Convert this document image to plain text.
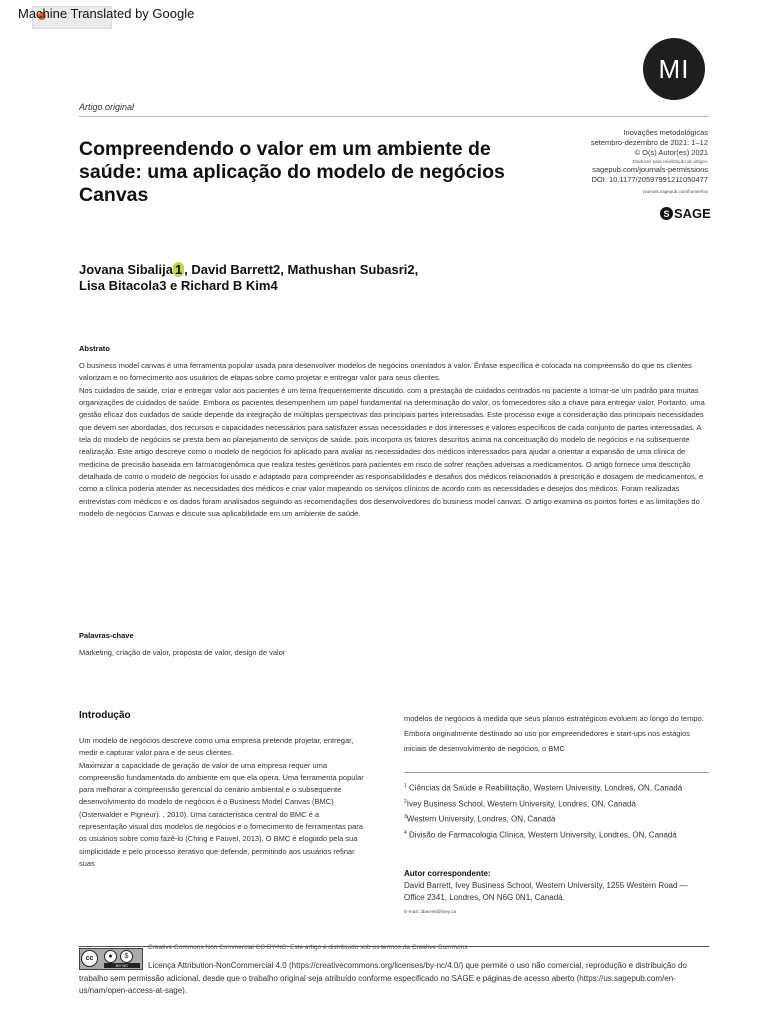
Machine Translated by Google
MI
Artigo original
Compreendendo o valor em um ambiente de saúde: uma aplicação do modelo de negócios Canvas
Inovações metodológicas
setembro-dezembro de 2021: 1–12
© O(s) Autor(es) 2021
Diretrizes para reutilização de artigos:
sagepub.com/journals-permissions
DOI: 10.1177/20597991211050477
journals.sagepub.com/home/mio
S SAGE
Jovana Sibalija 1 , David Barrett2, Mathushan Subasri2,
Lisa Bitacola3 e Richard B Kim4
Abstrato

O business model canvas é uma ferramenta popular usada para desenvolver modelos de negócios orientados a valor. Ênfase específica é colocada na compreensão do que os clientes valorizam e no fornecimento aos usuários de etapas sobre como projetar e entregar valor para seus clientes.

Nos cuidados de saúde, criar e entregar valor aos pacientes é um tema frequentemente discutido, com a prestação de cuidados centrados no paciente a tornar-se um padrão para muitas organizações de cuidados de saúde. Embora os pacientes desempenhem um papel fundamental na determinação do valor, os fornecedores são a chave para entregar valor. Portanto, uma gestão eficaz dos cuidados de saúde depende da integração de múltiplas perspectivas das principais partes interessadas. Este processo exige a consideração das principais necessidades que devem ser abordadas, dos recursos e capacidades necessários para satisfazer essas necessidades e dos interesses e valores específicos de cada conjunto de partes interessadas. A tela do modelo de negócios se presta bem ao planejamento de serviços de saúde, pois incorpora os fatores descritos acima na conceituação do modelo de negócios e na subsequente realização. Este artigo descreve como o modelo de negócios foi aplicado para avaliar as necessidades dos médicos interessados para ajudar a orientar a expansão de uma clínica de medicina de precisão baseada em farmacogenômica que realiza testes genéticos para pacientes em risco de sofrer reações adversas a medicamentos. O artigo fornece uma descrição detalhada de como o modelo de negócios foi usado e adaptado para compreender as responsabilidades e desafios dos médicos relacionados à prescrição e dosagem de medicamentos, e como a clínica poderia atender às necessidades dos médicos e criar valor mapeando os serviços clínicos de acordo com as necessidades e desejos dos médicos. Foram realizadas entrevistas com médicos e os dados foram analisados seguindo as recomendações dos desenvolvedores do business model canvas. O artigo examina os pontos fortes e as limitações do modelo de negócios Canvas e discute sua aplicabilidade em um ambiente de saúde.

Palavras-chave
Marketing, criação de valor, proposta de valor, design de valor
Introdução

Um modelo de negócios descreve como uma empresa pretende projetar, entregar, medir e capturar valor para e de seus clientes.

Maximizar a capacidade de geração de valor de uma empresa requer uma compreensão fundamentada do ambiente em que ela opera. Uma ferramenta popular para melhorar a compreensão gerencial do cenário ambiental e o subsequente desenvolvimento do modelo de negócios é o Business Model Canvas (BMC) (Osterwalder e Pigneur). , 2010). Uma característica central do BMC é a representação visual dos modelos de negócios e o fornecimento de ferramentas para os usuários sobre como fazê-lo (Ching e Fauvel, 2013). O BMC é elogiado pela sua simplicidade e pelo processo iterativo que defende, permitindo aos usuários refinar suas

modelos de negócios à medida que seus planos estratégicos evoluem ao longo do tempo. Embora originalmente destinado ao uso por empreendedores e start-ups nos estágios iniciais de desenvolvimento de negócios, o BMC

$^1$ Ciências da Saúde e Reabilitação, Western University, Londres, ON, Canadá
$^2$Ivey Business School, Western University, Londres, ON, Canadá
$^3$Western University, Londres, ON, Canadá
$^4$ Divisão de Farmacologia Clínica, Western University, Londres, ON, Canadá
Autor correspondente:
David Barrett, Ivey Business School, Western University, 1255 Western Road — Office 2341, Londres, ON N6G 0N1, Canadá.
E-mail: dbarrett@ivey.ca
cc	●	$
BY NC
Creative Commons Non Commercial CC BY-NC: Este artigo é distribuído sob os termos da Creative Commons
Licença Attribution-NonCommercial 4.0 (https://creativecommons.org/licenses/by-nc/4.0/) que permite o uso não comercial, reprodução e distribuição do trabalho sem permissão adicional, desde que o trabalho original seja atribuído conforme especificado no SAGE e páginas de acesso aberto (https://us.sagepub.com/en-us/nam/open-access-at-sage).
